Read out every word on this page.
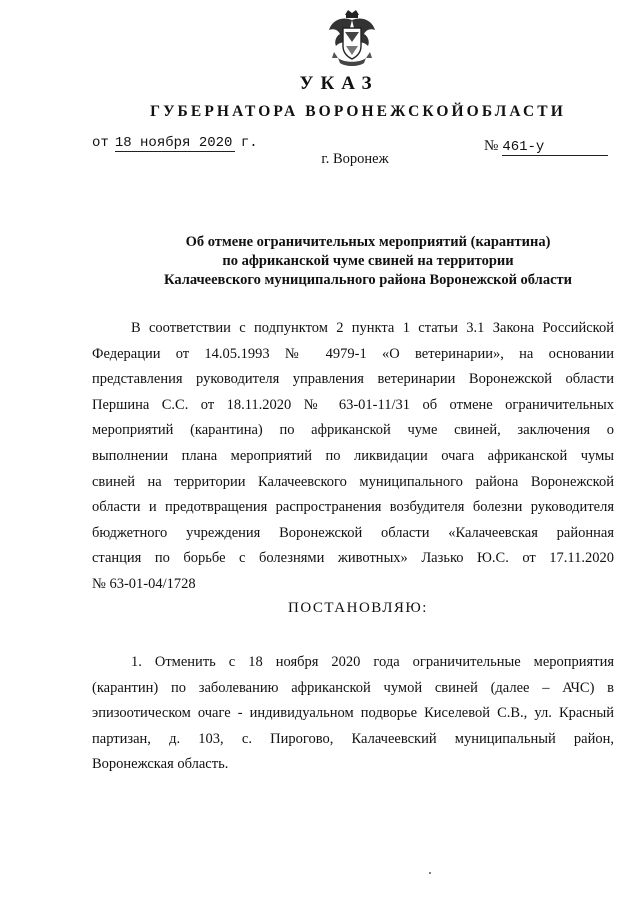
УКАЗ
ГУБЕРНАТОРА ВОРОНЕЖСКОЙОБЛАСТИ
от 18 ноября 2020 г.	№ 461-у
г. Воронеж
Об отмене ограничительных мероприятий (карантина)
по африканской чуме свиней на территории
Калачеевского муниципального района Воронежской области
В соответствии с подпунктом 2 пункта 1 статьи 3.1 Закона Российской
Федерации от 14.05.1993 № 4979-1 «О ветеринарии», на основании
представления руководителя управления ветеринарии Воронежской области
Першина С.С. от 18.11.2020 № 63-01-11/31 об отмене ограничительных
мероприятий (карантина) по африканской чуме свиней, заключения о
выполнении плана мероприятий по ликвидации очага африканской чумы
свиней на территории Калачеевского муниципального района Воронежской
области и предотвращения распространения возбудителя болезни руководителя
бюджетного учреждения Воронежской области «Калачеевская районная
станция по борьбе с болезнями животных» Лазько Ю.С. от 17.11.2020
№ 63-01-04/1728
ПОСТАНОВЛЯЮ:
1. Отменить с 18 ноября 2020 года ограничительные мероприятия
(карантин) по заболеванию африканской чумой свиней (далее – АЧС) в
эпизоотическом очаге - индивидуальном подворье Киселевой С.В., ул. Красный
партизан, д. 103, с. Пирогово, Калачеевский муниципальный район,
Воронежская область.
